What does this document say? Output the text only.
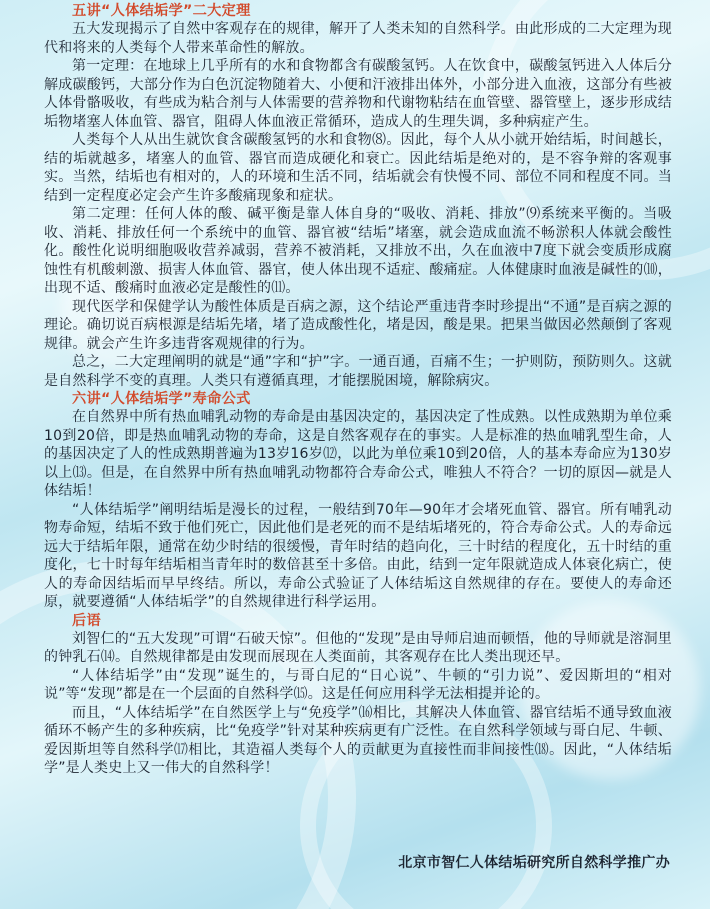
五讲“人体结垢学”二大定理

五大发现揭示了自然中客观存在的规律，解开了人类未知的自然科学。由此形成的二大定理为现代和将来的人类每个人带来革命性的解放。

第一定理：在地球上几乎所有的水和食物都含有碳酸氢钙。人在饮食中，碳酸氢钙进入人体后分解成碳酸钙，大部分作为白色沉淀物随着大、小便和汗液排出体外，小部分进入血液，这部分有些被人体骨骼吸收，有些成为粘合剂与人体需要的营养物和代谢物粘结在血管壁、器管壁上，逐步形成结垢物堵塞人体血管、器官，阻碍人体血液正常循环，造成人的生理失调，多种病症产生。

人类每个人从出生就饮食含碳酸氢钙的水和食物⑻。因此，每个人从小就开始结垢，时间越长，结的垢就越多，堵塞人的血管、器官而造成硬化和衰亡。因此结垢是绝对的，是不容争辩的客观事实。当然，结垢也有相对的，人的环境和生活不同，结垢就会有快慢不同、部位不同和程度不同。当结到一定程度必定会产生许多酸痛现象和症状。

第二定理：任何人体的酸、碱平衡是靠人体自身的“吸收、消耗、排放”⑼系统来平衡的。当吸收、消耗、排放任何一个系统中的血管、器官被“结垢”堵塞，就会造成血流不畅淤积人体就会酸性化。酸性化说明细胞吸收营养减弱，营养不被消耗，又排放不出，久在血液中7度下就会变质形成腐蚀性有机酸刺激、损害人体血管、器官，使人体出现不适症、酸痛症。人体健康时血液是碱性的⑽，出现不适、酸痛时血液必定是酸性的⑾。

现代医学和保健学认为酸性体质是百病之源，这个结论严重违背李时珍提出“不通”是百病之源的理论。确切说百病根源是结垢先堵，堵了造成酸性化，堵是因，酸是果。把果当做因必然颠倒了客观规律。就会产生许多违背客观规律的行为。

总之，二大定理阐明的就是“通”字和“护”字。一通百通，百痛不生；一护则防，预防则久。这就是自然科学不变的真理。人类只有遵循真理，才能摆脱困境，解除病灾。

六讲“人体结垢学”寿命公式

在自然界中所有热血哺乳动物的寿命是由基因决定的，基因决定了性成熟。以性成熟期为单位乘10到20倍，即是热血哺乳动物的寿命，这是自然客观存在的事实。人是标准的热血哺乳型生命，人的基因决定了人的性成熟期普遍为13岁16岁⑿，以此为单位乘10到20倍，人的基本寿命应为130岁以上⒀。但是，在自然界中所有热血哺乳动物都符合寿命公式，唯独人不符合？一切的原因—就是人体结垢！

“人体结垢学”阐明结垢是漫长的过程，一般结到70年—90年才会堵死血管、器官。所有哺乳动物寿命短，结垢不致于他们死亡，因此他们是老死的而不是结垢堵死的，符合寿命公式。人的寿命远远大于结垢年限，通常在幼少时结的很缓慢，青年时结的趋向化，三十时结的程度化，五十时结的重度化，七十时每年结垢相当青年时的数倍甚至十多倍。由此，结到一定年限就造成人体衰化病亡，使人的寿命因结垢而早早终结。所以，寿命公式验证了人体结垢这自然规律的存在。要使人的寿命还原，就要遵循“人体结垢学”的自然规律进行科学运用。

后语

刘智仁的“五大发现”可谓“石破天惊”。但他的“发现”是由导师启迪而顿悟，他的导师就是溶洞里的钟乳石⒁。自然规律都是由发现而展现在人类面前，其客观存在比人类出现还早。

“人体结垢学”由“发现”诞生的，与哥白尼的“日心说”、牛顿的“引力说”、爱因斯坦的“相对说”等“发现”都是在一个层面的自然科学⒂。这是任何应用科学无法相提并论的。

而且，“人体结垢学”在自然医学上与“免疫学”⒃相比，其解决人体血管、器官结垢不通导致血液循环不畅产生的多种疾病，比“免疫学”针对某种疾病更有广泛性。在自然科学领域与哥白尼、牛顿、爱因斯坦等自然科学⒄相比，其造福人类每个人的贡献更为直接性而非间接性⒅。因此，“人体结垢学”是人类史上又一伟大的自然科学！

北京市智仁人体结垢研究所自然科学推广办
